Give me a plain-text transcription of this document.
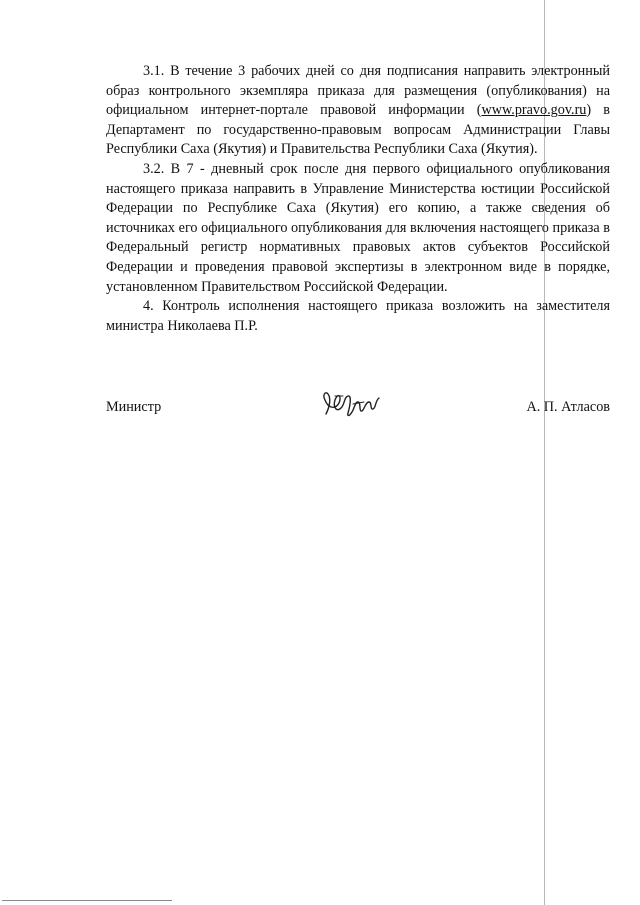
3.1. В течение 3 рабочих дней со дня подписания направить электронный образ контрольного экземпляра приказа для размещения (опубликования) на официальном интернет-портале правовой информации (www.pravo.gov.ru) в Департамент по государственно-правовым вопросам Администрации Главы Республики Саха (Якутия) и Правительства Республики Саха (Якутия).

3.2. В 7 - дневный срок после дня первого официального опубликования настоящего приказа направить в Управление Министерства юстиции Российской Федерации по Республике Саха (Якутия) его копию, а также сведения об источниках его официального опубликования для включения настоящего приказа в Федеральный регистр нормативных правовых актов субъектов Российской Федерации и проведения правовой экспертизы в электронном виде в порядке, установленном Правительством Российской Федерации.

4. Контроль исполнения настоящего приказа возложить на заместителя министра Николаева П.Р.

Министр	А. П. Атласов
